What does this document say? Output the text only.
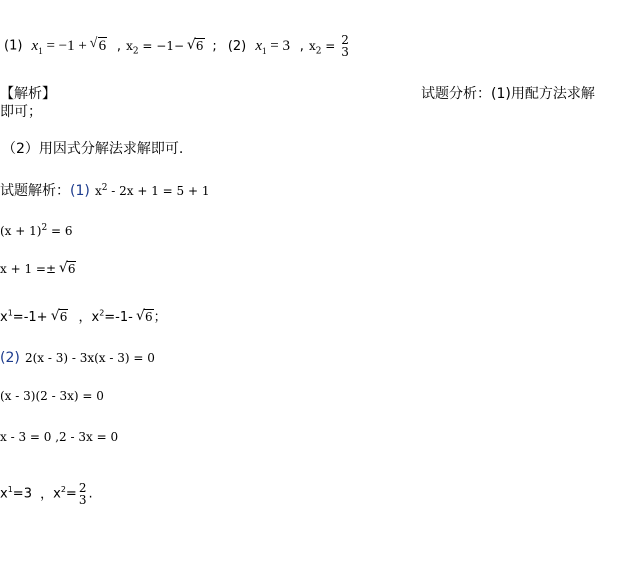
(1) $x_1 = -1$ + √ 6 , $x_2 = -1-$ √ 6 ; (2) $x_1 = 3$ , $x_2 = 2$
3
【解析】	试题分析：(1)用配方法求解
即可；
（2）用因式分解法求解即可.
试题解析：(1) $x^2 - 2x + 1 = 5 + 1$
$(x + 1)^2 = 6$
x + 1 =± √ 6
$x^1=-1+$ √ 6 ，$x^2=-1-$ √ 6；
(2) 2(x - 3) - 3x(x - 3) = 0
(x - 3)(2 - 3x) = 0
x - 3 = 0 ,2 - 3x = 0
$x^1=3$ ，$x^2= 2$
3 .
